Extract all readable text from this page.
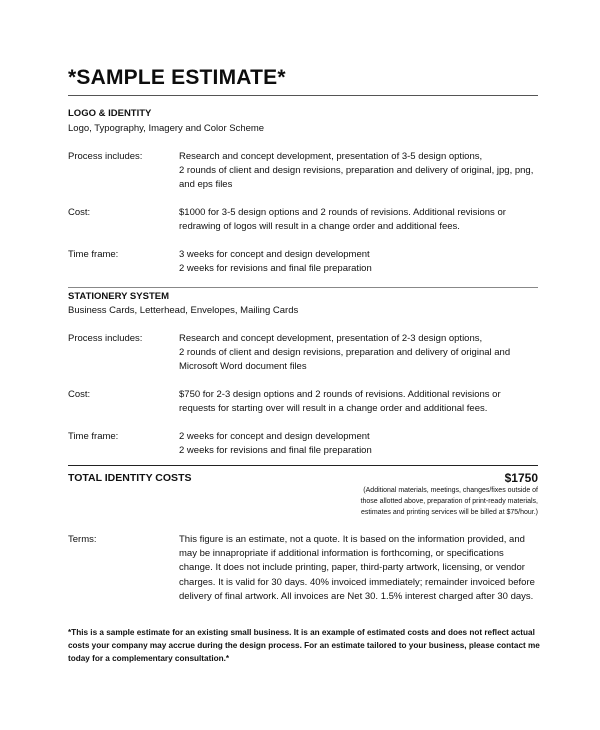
*SAMPLE ESTIMATE*
LOGO & IDENTITY
Logo, Typography, Imagery and Color Scheme
Process includes:	Research and concept development, presentation of 3-5 design options,
2 rounds of client and design revisions, preparation and delivery of original, jpg, png,
and eps files
Cost:	$1000 for 3-5 design options and 2 rounds of revisions. Additional revisions or
redrawing of logos will result in a change order and additional fees.
Time frame:	3 weeks for concept and design development
2 weeks for revisions and final file preparation
STATIONERY SYSTEM
Business Cards, Letterhead, Envelopes, Mailing Cards
Process includes:	Research and concept development, presentation of 2-3 design options,
2 rounds of client and design revisions, preparation and delivery of original and
Microsoft Word document files
Cost:	$750 for 2-3 design options and 2 rounds of revisions. Additional revisions or
requests for starting over will result in a change order and additional fees.
Time frame:	2 weeks for concept and design development
2 weeks for revisions and final file preparation
TOTAL IDENTITY COSTS	$1750
(Additional materials, meetings, changes/fixes outside of
those allotted above, preparation of print-ready materials,
estimates and printing services will be billed at $75/hour.)
Terms:	This figure is an estimate, not a quote. It is based on the information provided, and
may be innapropriate if additional information is forthcoming, or specifications
change. It does not include printing, paper, third-party artwork, licensing, or vendor
charges. It is valid for 30 days. 40% invoiced immediately; remainder invoiced before
delivery of final artwork. All invoices are Net 30. 1.5% interest charged after 30 days.
*This is a sample estimate for an existing small business. It is an example of estimated costs and does not reflect actual
costs your company may accrue during the design process. For an estimate tailored to your business, please contact me
today for a complementary consultation.*
